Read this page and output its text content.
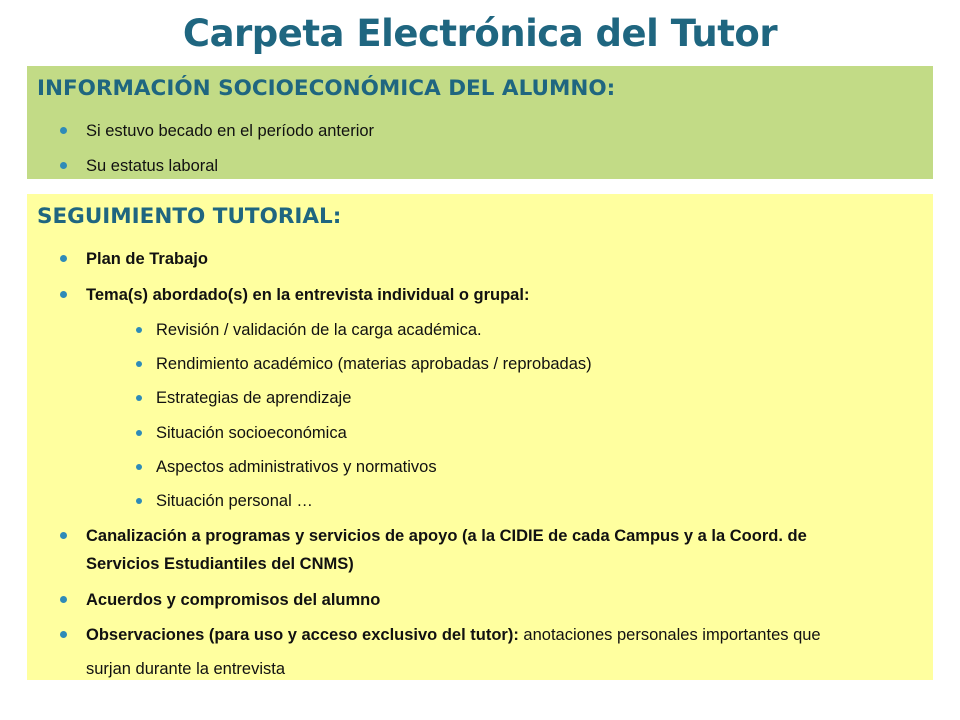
Carpeta Electrónica del Tutor
INFORMACIÓN SOCIOECONÓMICA DEL ALUMNO:
Si estuvo becado en el período anterior
Su estatus laboral
SEGUIMIENTO TUTORIAL:
Plan de Trabajo
Tema(s) abordado(s) en la entrevista individual o grupal:
Revisión / validación de la carga académica.
Rendimiento académico (materias aprobadas / reprobadas)
Estrategias de aprendizaje
Situación socioeconómica
Aspectos administrativos y normativos
Situación personal …
Canalización a programas y servicios de apoyo (a la CIDIE de cada Campus y a la Coord. de Servicios Estudiantiles del CNMS)
Acuerdos y compromisos del alumno
Observaciones (para uso y acceso exclusivo del tutor): anotaciones personales importantes que surjan durante la entrevista
